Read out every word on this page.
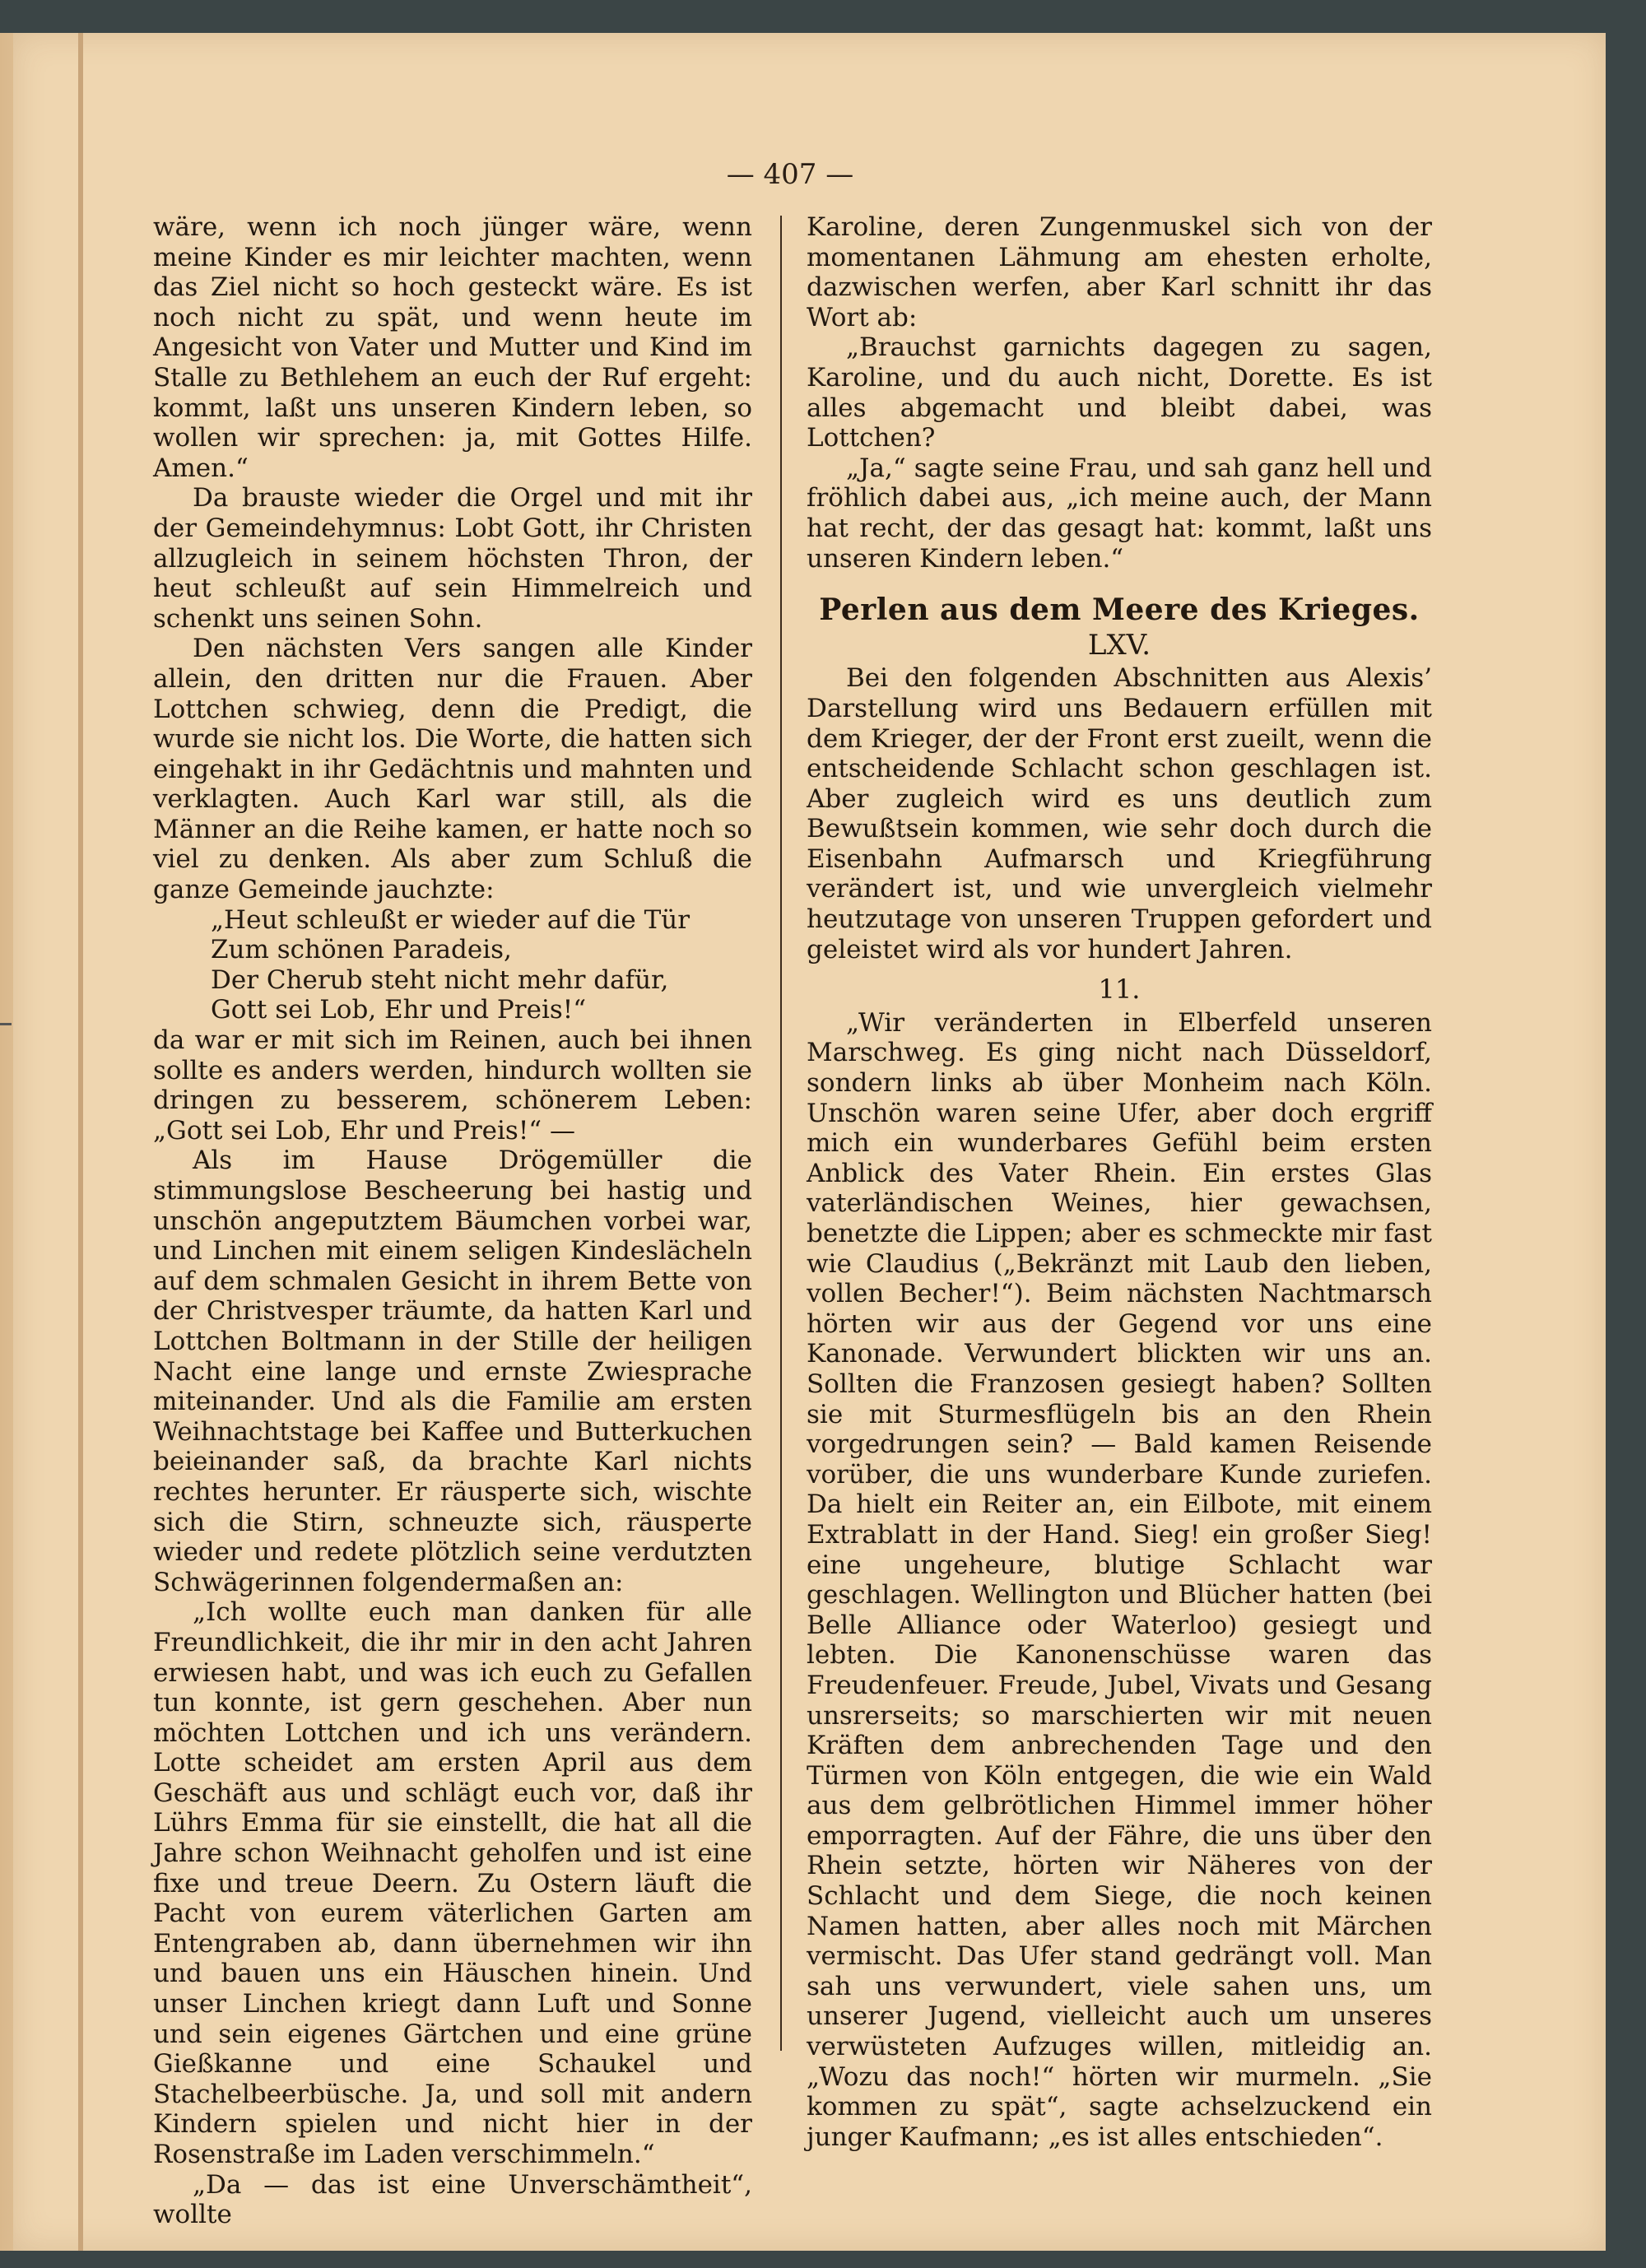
— 407 —

wäre, wenn ich noch jünger wäre, wenn meine Kinder es mir leichter machten, wenn das Ziel nicht so hoch gesteckt wäre. Es ist noch nicht zu spät, und wenn heute im Angesicht von Vater und Mutter und Kind im Stalle zu Bethlehem an euch der Ruf ergeht: kommt, laßt uns unseren Kindern leben, so wollen wir sprechen: ja, mit Gottes Hilfe. Amen.“

Da brauste wieder die Orgel und mit ihr der Gemeindehymnus: Lobt Gott, ihr Christen allzugleich in seinem höchsten Thron, der heut schleußt auf sein Himmelreich und schenkt uns seinen Sohn.

Den nächsten Vers sangen alle Kinder allein, den dritten nur die Frauen. Aber Lottchen schwieg, denn die Predigt, die wurde sie nicht los. Die Worte, die hatten sich eingehakt in ihr Gedächtnis und mahnten und verklagten. Auch Karl war still, als die Männer an die Reihe kamen, er hatte noch so viel zu denken. Als aber zum Schluß die ganze Gemeinde jauchzte:

„Heut schleußt er wieder auf die Tür
Zum schönen Paradeis,
Der Cherub steht nicht mehr dafür,
Gott sei Lob, Ehr und Preis!“

da war er mit sich im Reinen, auch bei ihnen sollte es anders werden, hindurch wollten sie dringen zu besserem, schönerem Leben: „Gott sei Lob, Ehr und Preis!“ —

Als im Hause Drögemüller die stimmungslose Bescheerung bei hastig und unschön angeputztem Bäumchen vorbei war, und Linchen mit einem seligen Kindeslächeln auf dem schmalen Gesicht in ihrem Bette von der Christvesper träumte, da hatten Karl und Lottchen Boltmann in der Stille der heiligen Nacht eine lange und ernste Zwiesprache miteinander. Und als die Familie am ersten Weihnachtstage bei Kaffee und Butterkuchen beieinander saß, da brachte Karl nichts rechtes herunter. Er räusperte sich, wischte sich die Stirn, schneuzte sich, räusperte wieder und redete plötzlich seine verdutzten Schwägerinnen folgendermaßen an:

„Ich wollte euch man danken für alle Freundlichkeit, die ihr mir in den acht Jahren erwiesen habt, und was ich euch zu Gefallen tun konnte, ist gern geschehen. Aber nun möchten Lottchen und ich uns verändern. Lotte scheidet am ersten April aus dem Geschäft aus und schlägt euch vor, daß ihr Lührs Emma für sie einstellt, die hat all die Jahre schon Weihnacht geholfen und ist eine fixe und treue Deern. Zu Ostern läuft die Pacht von eurem väterlichen Garten am Entengraben ab, dann übernehmen wir ihn und bauen uns ein Häuschen hinein. Und unser Linchen kriegt dann Luft und Sonne und sein eigenes Gärtchen und eine grüne Gießkanne und eine Schaukel und Stachelbeerbüsche. Ja, und soll mit andern Kindern spielen und nicht hier in der Rosenstraße im Laden verschimmeln.“

„Da — das ist eine Unverschämtheit“, wollte

Karoline, deren Zungenmuskel sich von der momentanen Lähmung am ehesten erholte, dazwischen werfen, aber Karl schnitt ihr das Wort ab:

„Brauchst garnichts dagegen zu sagen, Karoline, und du auch nicht, Dorette. Es ist alles abgemacht und bleibt dabei, was Lottchen?

„Ja,“ sagte seine Frau, und sah ganz hell und fröhlich dabei aus, „ich meine auch, der Mann hat recht, der das gesagt hat: kommt, laßt uns unseren Kindern leben.“

Perlen aus dem Meere des Krieges.
LXV.

Bei den folgenden Abschnitten aus Alexis’ Darstellung wird uns Bedauern erfüllen mit dem Krieger, der der Front erst zueilt, wenn die entscheidende Schlacht schon geschlagen ist. Aber zugleich wird es uns deutlich zum Bewußtsein kommen, wie sehr doch durch die Eisenbahn Aufmarsch und Kriegführung verändert ist, und wie unvergleich vielmehr heutzutage von unseren Truppen gefordert und geleistet wird als vor hundert Jahren.

11.

„Wir veränderten in Elberfeld unseren Marschweg. Es ging nicht nach Düsseldorf, sondern links ab über Monheim nach Köln. Unschön waren seine Ufer, aber doch ergriff mich ein wunderbares Gefühl beim ersten Anblick des Vater Rhein. Ein erstes Glas vaterländischen Weines, hier gewachsen, benetzte die Lippen; aber es schmeckte mir fast wie Claudius („Bekränzt mit Laub den lieben, vollen Becher!“). Beim nächsten Nachtmarsch hörten wir aus der Gegend vor uns eine Kanonade. Verwundert blickten wir uns an. Sollten die Franzosen gesiegt haben? Sollten sie mit Sturmesflügeln bis an den Rhein vorgedrungen sein? — Bald kamen Reisende vorüber, die uns wunderbare Kunde zuriefen. Da hielt ein Reiter an, ein Eilbote, mit einem Extrablatt in der Hand. Sieg! ein großer Sieg! eine ungeheure, blutige Schlacht war geschlagen. Wellington und Blücher hatten (bei Belle Alliance oder Waterloo) gesiegt und lebten. Die Kanonenschüsse waren das Freudenfeuer. Freude, Jubel, Vivats und Gesang unsrerseits; so marschierten wir mit neuen Kräften dem anbrechenden Tage und den Türmen von Köln entgegen, die wie ein Wald aus dem gelbrötlichen Himmel immer höher emporragten. Auf der Fähre, die uns über den Rhein setzte, hörten wir Näheres von der Schlacht und dem Siege, die noch keinen Namen hatten, aber alles noch mit Märchen vermischt. Das Ufer stand gedrängt voll. Man sah uns verwundert, viele sahen uns, um unserer Jugend, vielleicht auch um unseres verwüsteten Aufzuges willen, mitleidig an. „Wozu das noch!“ hörten wir murmeln. „Sie kommen zu spät“, sagte achselzuckend ein junger Kaufmann; „es ist alles entschieden“.
